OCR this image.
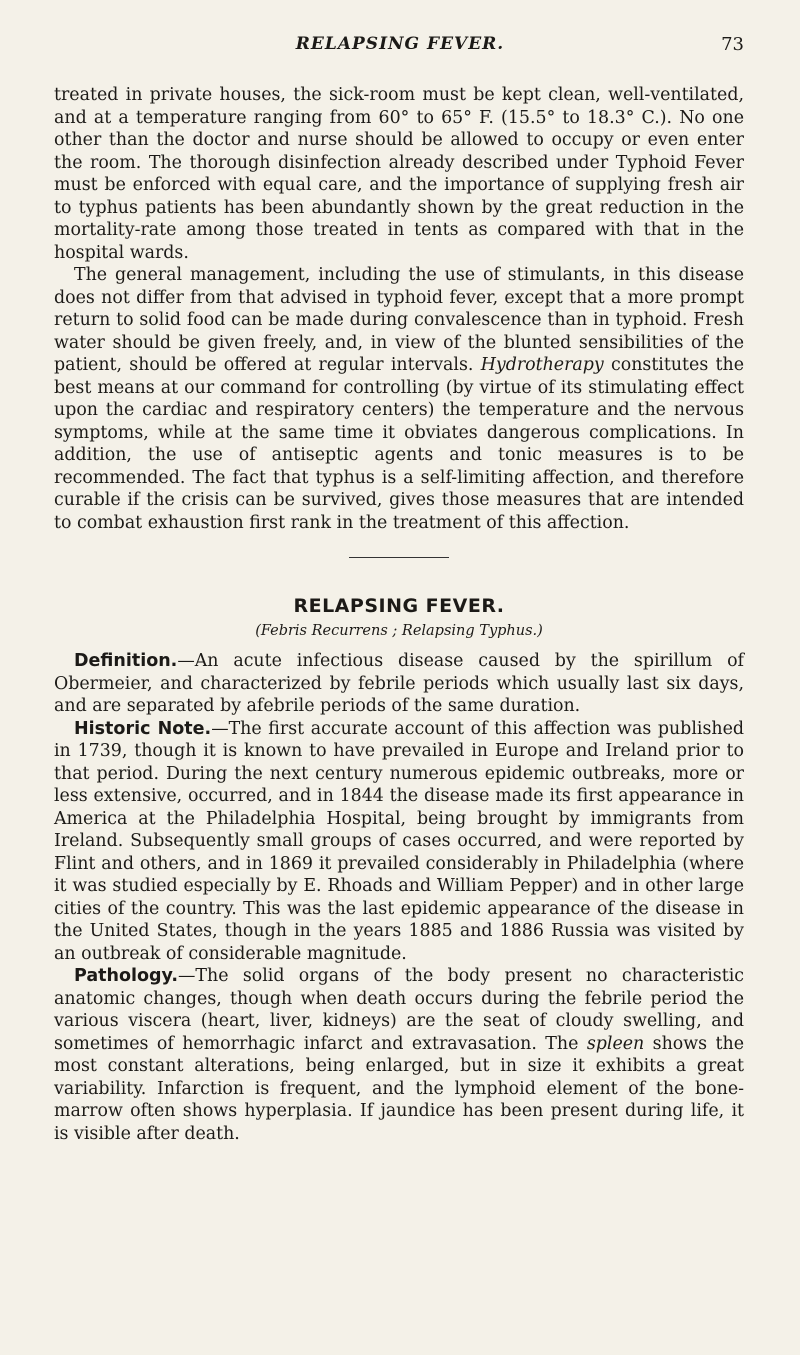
RELAPSING FEVER.	73

treated in private houses, the sick-room must be kept clean, well-ventilated, and at a temperature ranging from 60° to 65° F. (15.5° to 18.3° C.). No one other than the doctor and nurse should be allowed to occupy or even enter the room. The thorough disinfection already described under Typhoid Fever must be enforced with equal care, and the importance of supplying fresh air to typhus patients has been abundantly shown by the great reduction in the mortality-rate among those treated in tents as compared with that in the hospital wards.

The general management, including the use of stimulants, in this disease does not differ from that advised in typhoid fever, except that a more prompt return to solid food can be made during convalescence than in typhoid. Fresh water should be given freely, and, in view of the blunted sensibilities of the patient, should be offered at regular intervals. Hydrotherapy constitutes the best means at our command for controlling (by virtue of its stimulating effect upon the cardiac and respiratory centers) the temperature and the nervous symptoms, while at the same time it obviates dangerous complications. In addition, the use of antiseptic agents and tonic measures is to be recommended. The fact that typhus is a self-limiting affection, and therefore curable if the crisis can be survived, gives those measures that are intended to combat exhaustion first rank in the treatment of this affection.

RELAPSING FEVER.
(Febris Recurrens ; Relapsing Typhus.)

Definition.—An acute infectious disease caused by the spirillum of Obermeier, and characterized by febrile periods which usually last six days, and are separated by afebrile periods of the same duration.

Historic Note.—The first accurate account of this affection was published in 1739, though it is known to have prevailed in Europe and Ireland prior to that period. During the next century numerous epidemic outbreaks, more or less extensive, occurred, and in 1844 the disease made its first appearance in America at the Philadelphia Hospital, being brought by immigrants from Ireland. Subsequently small groups of cases occurred, and were reported by Flint and others, and in 1869 it prevailed considerably in Philadelphia (where it was studied especially by E. Rhoads and William Pepper) and in other large cities of the country. This was the last epidemic appearance of the disease in the United States, though in the years 1885 and 1886 Russia was visited by an outbreak of considerable magnitude.

Pathology.—The solid organs of the body present no characteristic anatomic changes, though when death occurs during the febrile period the various viscera (heart, liver, kidneys) are the seat of cloudy swelling, and sometimes of hemorrhagic infarct and extravasation. The spleen shows the most constant alterations, being enlarged, but in size it exhibits a great variability. Infarction is frequent, and the lymphoid element of the bone-marrow often shows hyperplasia. If jaundice has been present during life, it is visible after death.
